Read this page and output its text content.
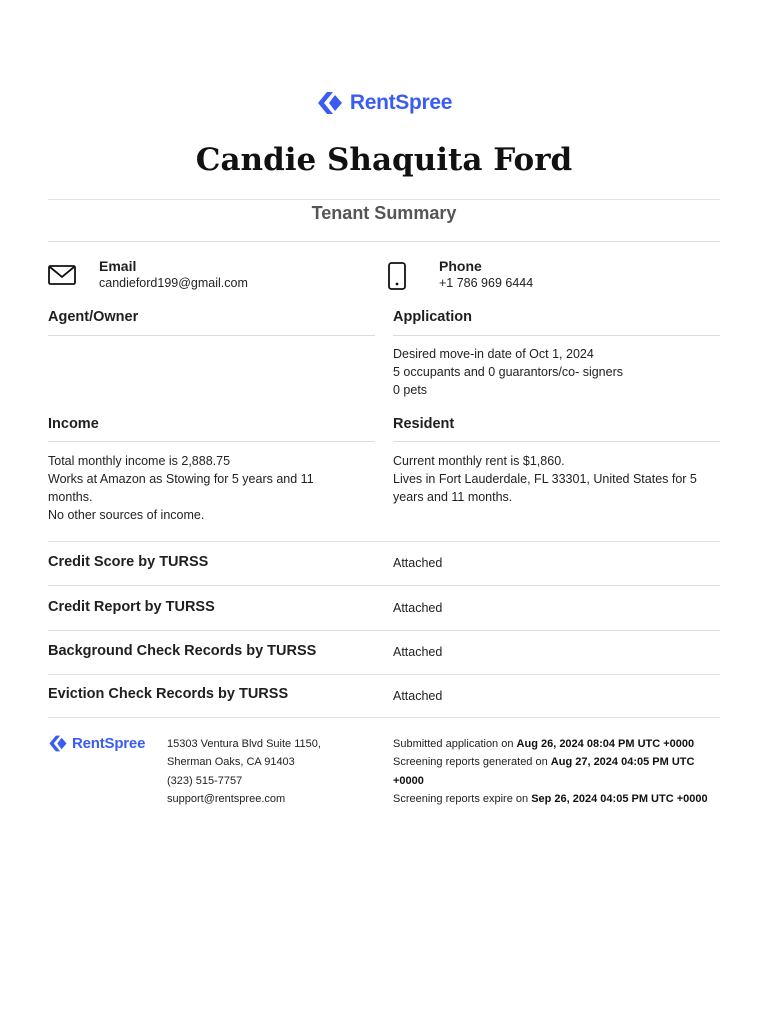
RentSpree
Candie Shaquita Ford
Tenant Summary
Email
candieford199@gmail.com
Phone
+1 786 969 6444
Agent/Owner	Application
Desired move-in date of Oct 1, 2024
5 occupants and 0 guarantors/co- signers
0 pets
Income
Total monthly income is 2,888.75
Works at Amazon as Stowing for 5 years and 11 months.
No other sources of income.
Resident
Current monthly rent is $1,860.
Lives in Fort Lauderdale, FL 33301, United States for 5 years and 11 months.
Credit Score by TURSS	Attached
Credit Report by TURSS	Attached
Background Check Records by TURSS	Attached
Eviction Check Records by TURSS	Attached
RentSpree 15303 Ventura Blvd Suite 1150,
Sherman Oaks, CA 91403
(323) 515-7757
support@rentspree.com
Submitted application on Aug 26, 2024 08:04 PM UTC +0000
Screening reports generated on Aug 27, 2024 04:05 PM UTC +0000
Screening reports expire on Sep 26, 2024 04:05 PM UTC +0000
